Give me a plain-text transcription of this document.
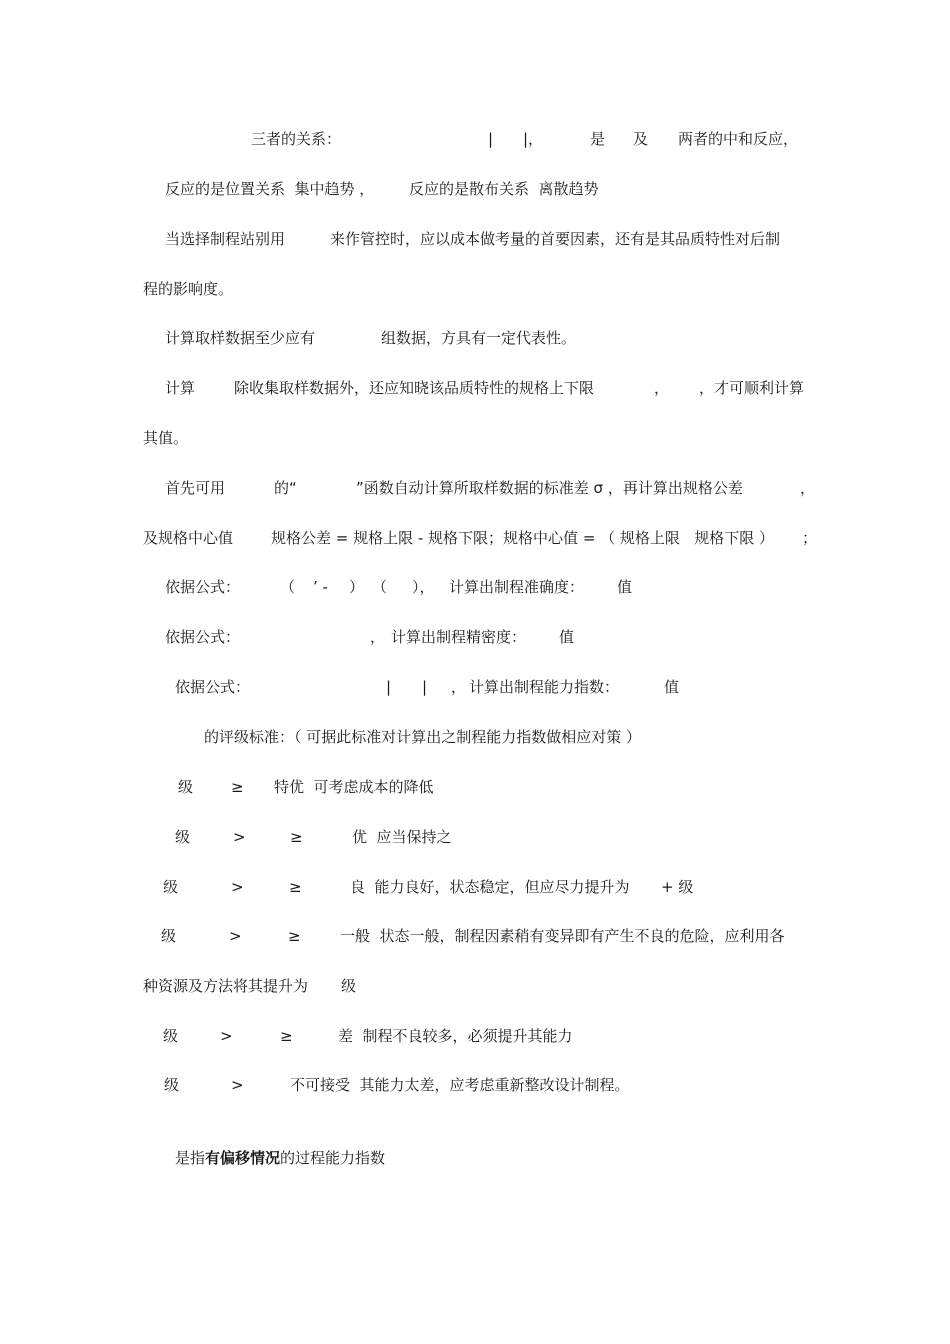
三者的关系：	| |，	是 及 两者的中和反应，
反应的是位置关系  集中趋势 ， 反应的是散布关系  离散趋势
当选择制程站别用	来作管控时，应以成本做考量的首要因素，还有是其品质特性对后制
程的影响度。
计算取样数据至少应有	组数据，方具有一定代表性。
计算	除收集取样数据外，还应知晓该品质特性的规格上下限	， ，才可顺利计算
其值。
首先可用	的“	”函数自动计算所取样数据的标准差 σ ，再计算出规格公差	，
及规格中心值	规格公差 = 规格上限 - 规格下限；规格中心值 = （ 规格上限   规格下限 ） ；
依据公式：	（ ’ - ） （ ）， 计算出制程准确度： 值
依据公式：	， 计算出制程精密度： 值
依据公式：	| | ， 计算出制程能力指数：	值
的评级标准：（ 可据此标准对计算出之制程能力指数做相应对策 ）
级	≥ 特优  可考虑成本的降低
级	>	≥	优  应当保持之
级	>	≥	良  能力良好，状态稳定，但应尽力提升为 + 级
级	>	≥	一般  状态一般，制程因素稍有变异即有产生不良的危险，应利用各
种资源及方法将其提升为 级
级	>	≥	差  制程不良较多，必须提升其能力
级	>	不可接受  其能力太差，应考虑重新整改设计制程。
是指有偏移情况的过程能力指数
